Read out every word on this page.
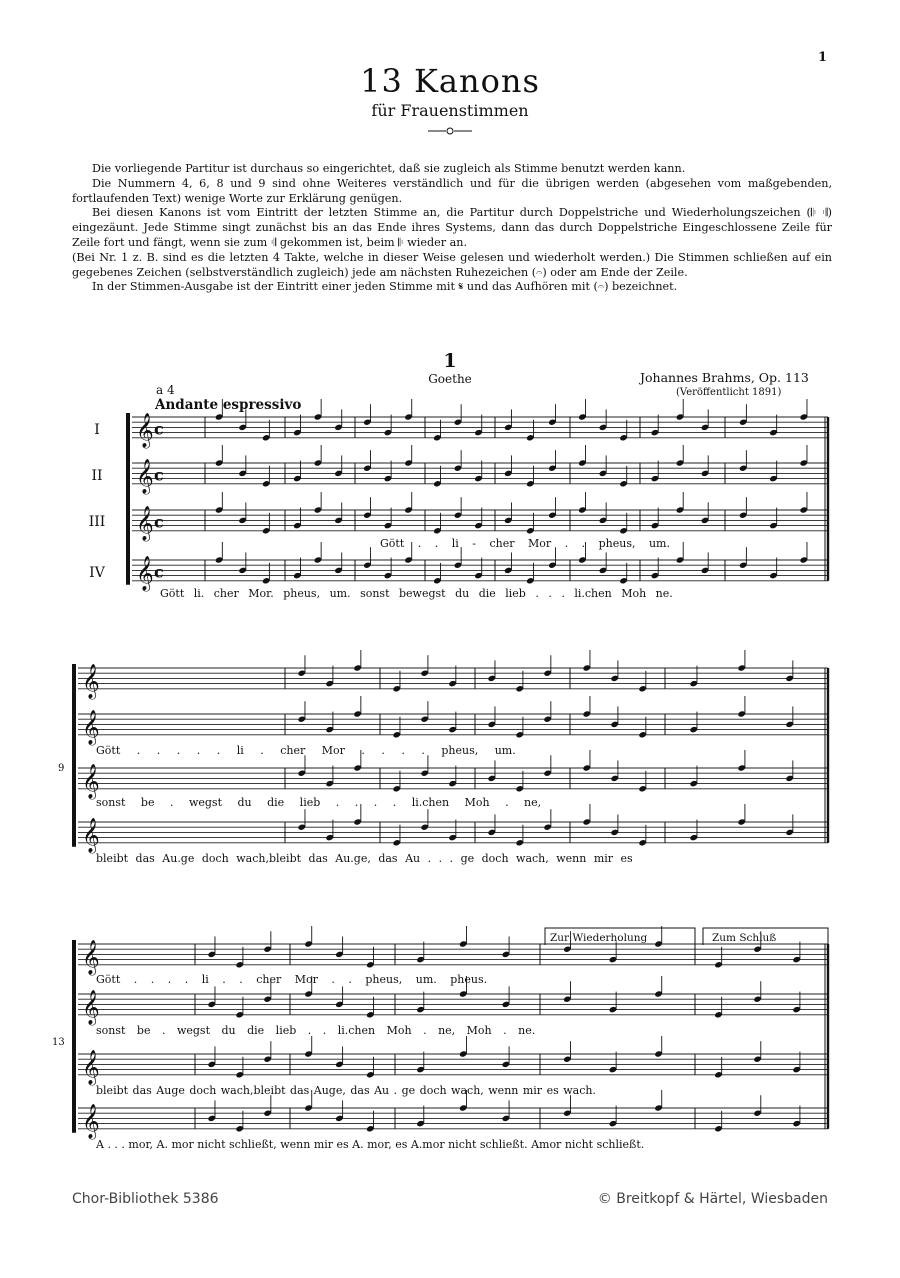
1
13 Kanons
für Frauenstimmen

Die vorliegende Partitur ist durchaus so eingerichtet, daß sie zugleich als Stimme benutzt werden kann.

Die Nummern 4, 6, 8 und 9 sind ohne Weiteres verständlich und für die übrigen werden (abgesehen vom maßgebenden, fortlaufenden Text) wenige Worte zur Erklärung genügen.

Bei diesen Kanons ist vom Eintritt der letzten Stimme an, die Partitur durch Doppelstriche und Wiederholungszeichen (𝄆 𝄇) eingezäunt. Jede Stimme singt zunächst bis an das Ende ihres Systems, dann das durch Doppelstriche Eingeschlossene Zeile für Zeile fort und fängt, wenn sie zum 𝄇 gekommen ist, beim 𝄆 wieder an.

(Bei Nr. 1 z. B. sind es die letzten 4 Takte, welche in dieser Weise gelesen und wiederholt werden.) Die Stimmen schließen auf ein gegebenes Zeichen (selbstverständlich zugleich) jede am nächsten Ruhezeichen (𝄐) oder am Ende der Zeile.

In der Stimmen-Ausgabe ist der Eintritt einer jeden Stimme mit 𝄋 und das Aufhören mit (𝄐) bezeichnet.

1
Goethe	Johannes Brahms, Op. 113
(Veröffentlicht 1891)
a 4
Andante espressivo
I
II
III
IV
9
13
Gött . . li - cher Mor . . pheus, um.
Gött li. cher Mor. pheus, um. sonst bewegst du die lieb . . . li.chen Moh ne.
Gött . . . . . li . cher Mor . . . . pheus, um.
sonst be . wegst du die lieb . . . . li.chen Moh . ne,
bleibt das Au.ge doch wach,bleibt das Au.ge, das Au . . . ge doch wach, wenn mir es
Gött . . . . li . . cher Mor . . pheus, um. pheus.
sonst be . wegst du die lieb . . li.chen Moh . ne, Moh . ne.
bleibt das Auge doch wach,bleibt das Auge, das Au . ge doch wach, wenn mir es wach.
A . . . mor, A. mor nicht schließt, wenn mir es A. mor, es A.mor nicht schließt. Amor nicht schließt.
Zur Wiederholung	Zum Schluß
Chor-Bibliothek 5386	© Breitkopf & Härtel, Wiesbaden
𝄞 c
𝄞 c
𝄞 c
𝄞 c
𝄞
𝄞
𝄞
𝄞
𝄞
𝄞
𝄞
𝄞
